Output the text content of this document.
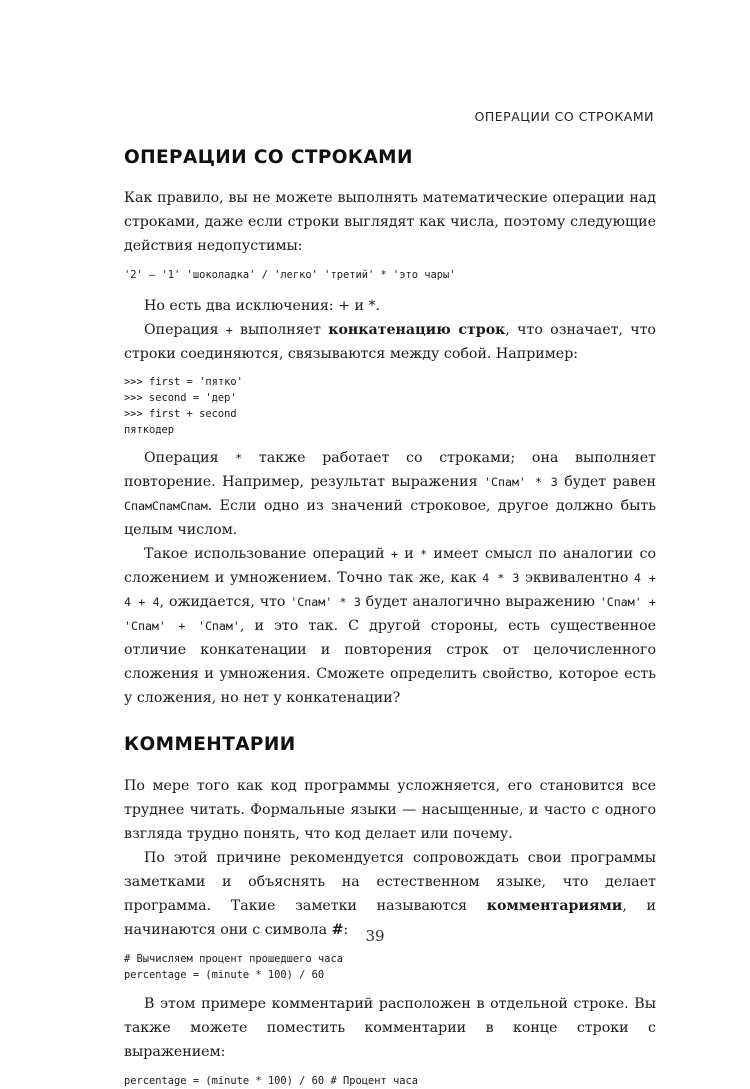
ОПЕРАЦИИ СО СТРОКАМИ
ОПЕРАЦИИ СО СТРОКАМИ

Как правило, вы не можете выполнять математические операции над строками, даже если строки выглядят как числа, поэтому следующие действия недопустимы:

'2' – '1' 'шоколадка' / 'легко' 'третий' * 'это чары'

Но есть два исключения: + и *.

Операция + выполняет конкатенацию строк, что означает, что строки соединяются, связываются между собой. Например:

>>> first = 'пятко'
>>> second = 'дер'
>>> first + second
пяткодер

Операция * также работает со строками; она выполняет повторение. Например, результат выражения 'Спам' * 3 будет равен СпамСпамСпам. Если одно из значений строковое, другое должно быть целым числом.

Такое использование операций + и * имеет смысл по аналогии со сложением и умножением. Точно так же, как 4 * 3 эквивалентно 4 + 4 + 4, ожидается, что 'Спам' * 3 будет аналогично выражению 'Спам' + 'Спам' + 'Спам', и это так. С другой стороны, есть существенное отличие конкатенации и повторения строк от целочисленного сложения и умножения. Сможете определить свойство, которое есть у сложения, но нет у конкатенации?

КОММЕНТАРИИ

По мере того как код программы усложняется, его становится все труднее читать. Формальные языки — насыщенные, и часто с одного взгляда трудно понять, что код делает или почему.

По этой причине рекомендуется сопровождать свои программы заметками и объяснять на естественном языке, что делает программа. Такие заметки называются комментариями, и начинаются они с символа #:

# Вычисляем процент прошедшего часа
percentage = (minute * 100) / 60

В этом примере комментарий расположен в отдельной строке. Вы также можете поместить комментарии в конце строки с выражением:

percentage = (minute * 100) / 60 # Процент часа
39
